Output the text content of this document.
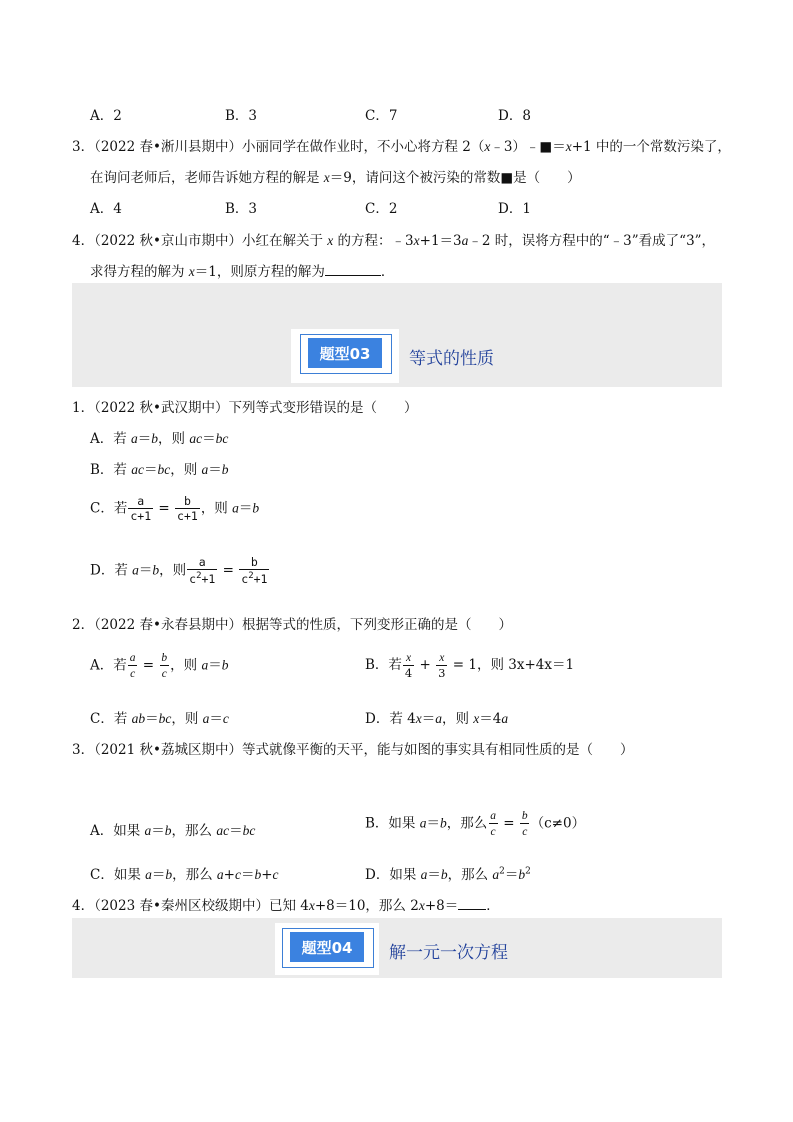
A．2	B．3	C．7	D．8
3．（2022 春•淅川县期中）小丽同学在做作业时，不小心将方程 2（x﹣3）﹣■＝x+1 中的一个常数污染了，
在询问老师后，老师告诉她方程的解是 x＝9，请问这个被污染的常数■是（　　）
A．4	B．3	C．2	D．1
4．（2022 秋•京山市期中）小红在解关于 x 的方程：﹣3x+1＝3a﹣2 时，误将方程中的“﹣3”看成了“3”，
求得方程的解为 x＝1，则原方程的解为	．
题型03	等式的性质
1．（2022 秋•武汉期中）下列等式变形错误的是（　　）
A．若 a＝b，则 ac＝bc
B．若 ac＝bc，则 a＝b
C．若 $\frac{a}{c+1} = \frac{b}{c+1}$ ，则 a＝b
D．若 a＝b，则 $\frac{a}{c^2+1} = \frac{b}{c^2+1}$
2．（2022 春•永春县期中）根据等式的性质，下列变形正确的是（　　）
A．若 $\frac{a}{c} = \frac{b}{c}$ ，则 a＝b	B．若 $\frac{x}{4} + \frac{x}{3} = 1$，则 3x+4x＝1
C．若 ab＝bc，则 a＝c	D．若 4x＝a，则 x＝4a
3．（2021 秋•荔城区期中）等式就像平衡的天平，能与如图的事实具有相同性质的是（　　）
A．如果 a＝b，那么 ac＝bc	B．如果 a＝b，那么 $\frac{a}{c} = \frac{b}{c} (c\ne 0)$
C．如果 a＝b，那么 a+c＝b+c	D．如果 a＝b，那么 $a^2=b^2$
4．（2023 春•秦州区校级期中）已知 4x+8＝10，那么 2x+8＝ ．
题型04	解一元一次方程
